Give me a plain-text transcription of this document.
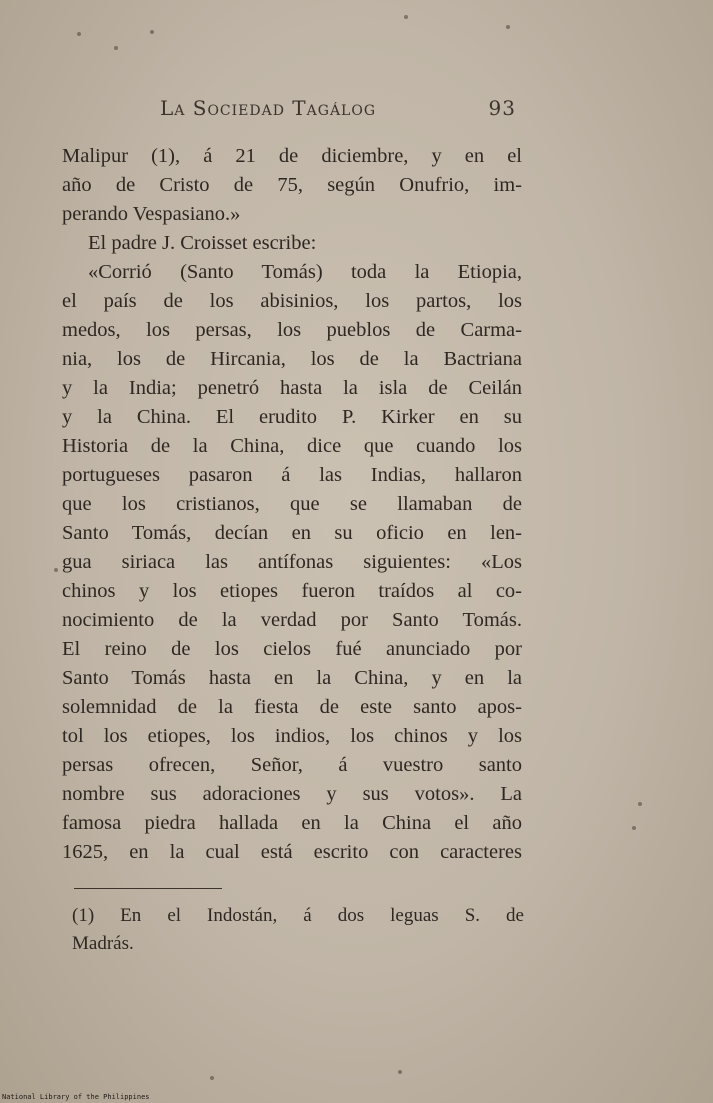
La Sociedad Tagálog	93
Malipur (1), á 21 de diciembre, y en el
año de Cristo de 75, según Onufrio, im-
perando Vespasiano.»
El padre J. Croisset escribe:
«Corrió (Santo Tomás) toda la Etiopia,
el país de los abisinios, los partos, los
medos, los persas, los pueblos de Carma-
nia, los de Hircania, los de la Bactriana
y la India; penetró hasta la isla de Ceilán
y la China. El erudito P. Kirker en su
Historia de la China, dice que cuando los
portugueses pasaron á las Indias, hallaron
que los cristianos, que se llamaban de
Santo Tomás, decían en su oficio en len-
gua siriaca las antífonas siguientes: «Los
chinos y los etiopes fueron traídos al co-
nocimiento de la verdad por Santo Tomás.
El reino de los cielos fué anunciado por
Santo Tomás hasta en la China, y en la
solemnidad de la fiesta de este santo apos-
tol los etiopes, los indios, los chinos y los
persas ofrecen, Señor, á vuestro santo
nombre sus adoraciones y sus votos». La
famosa piedra hallada en la China el año
1625, en la cual está escrito con caracteres
(1) En el Indostán, á dos leguas S. de
Madrás.
National Library of the Philippines
